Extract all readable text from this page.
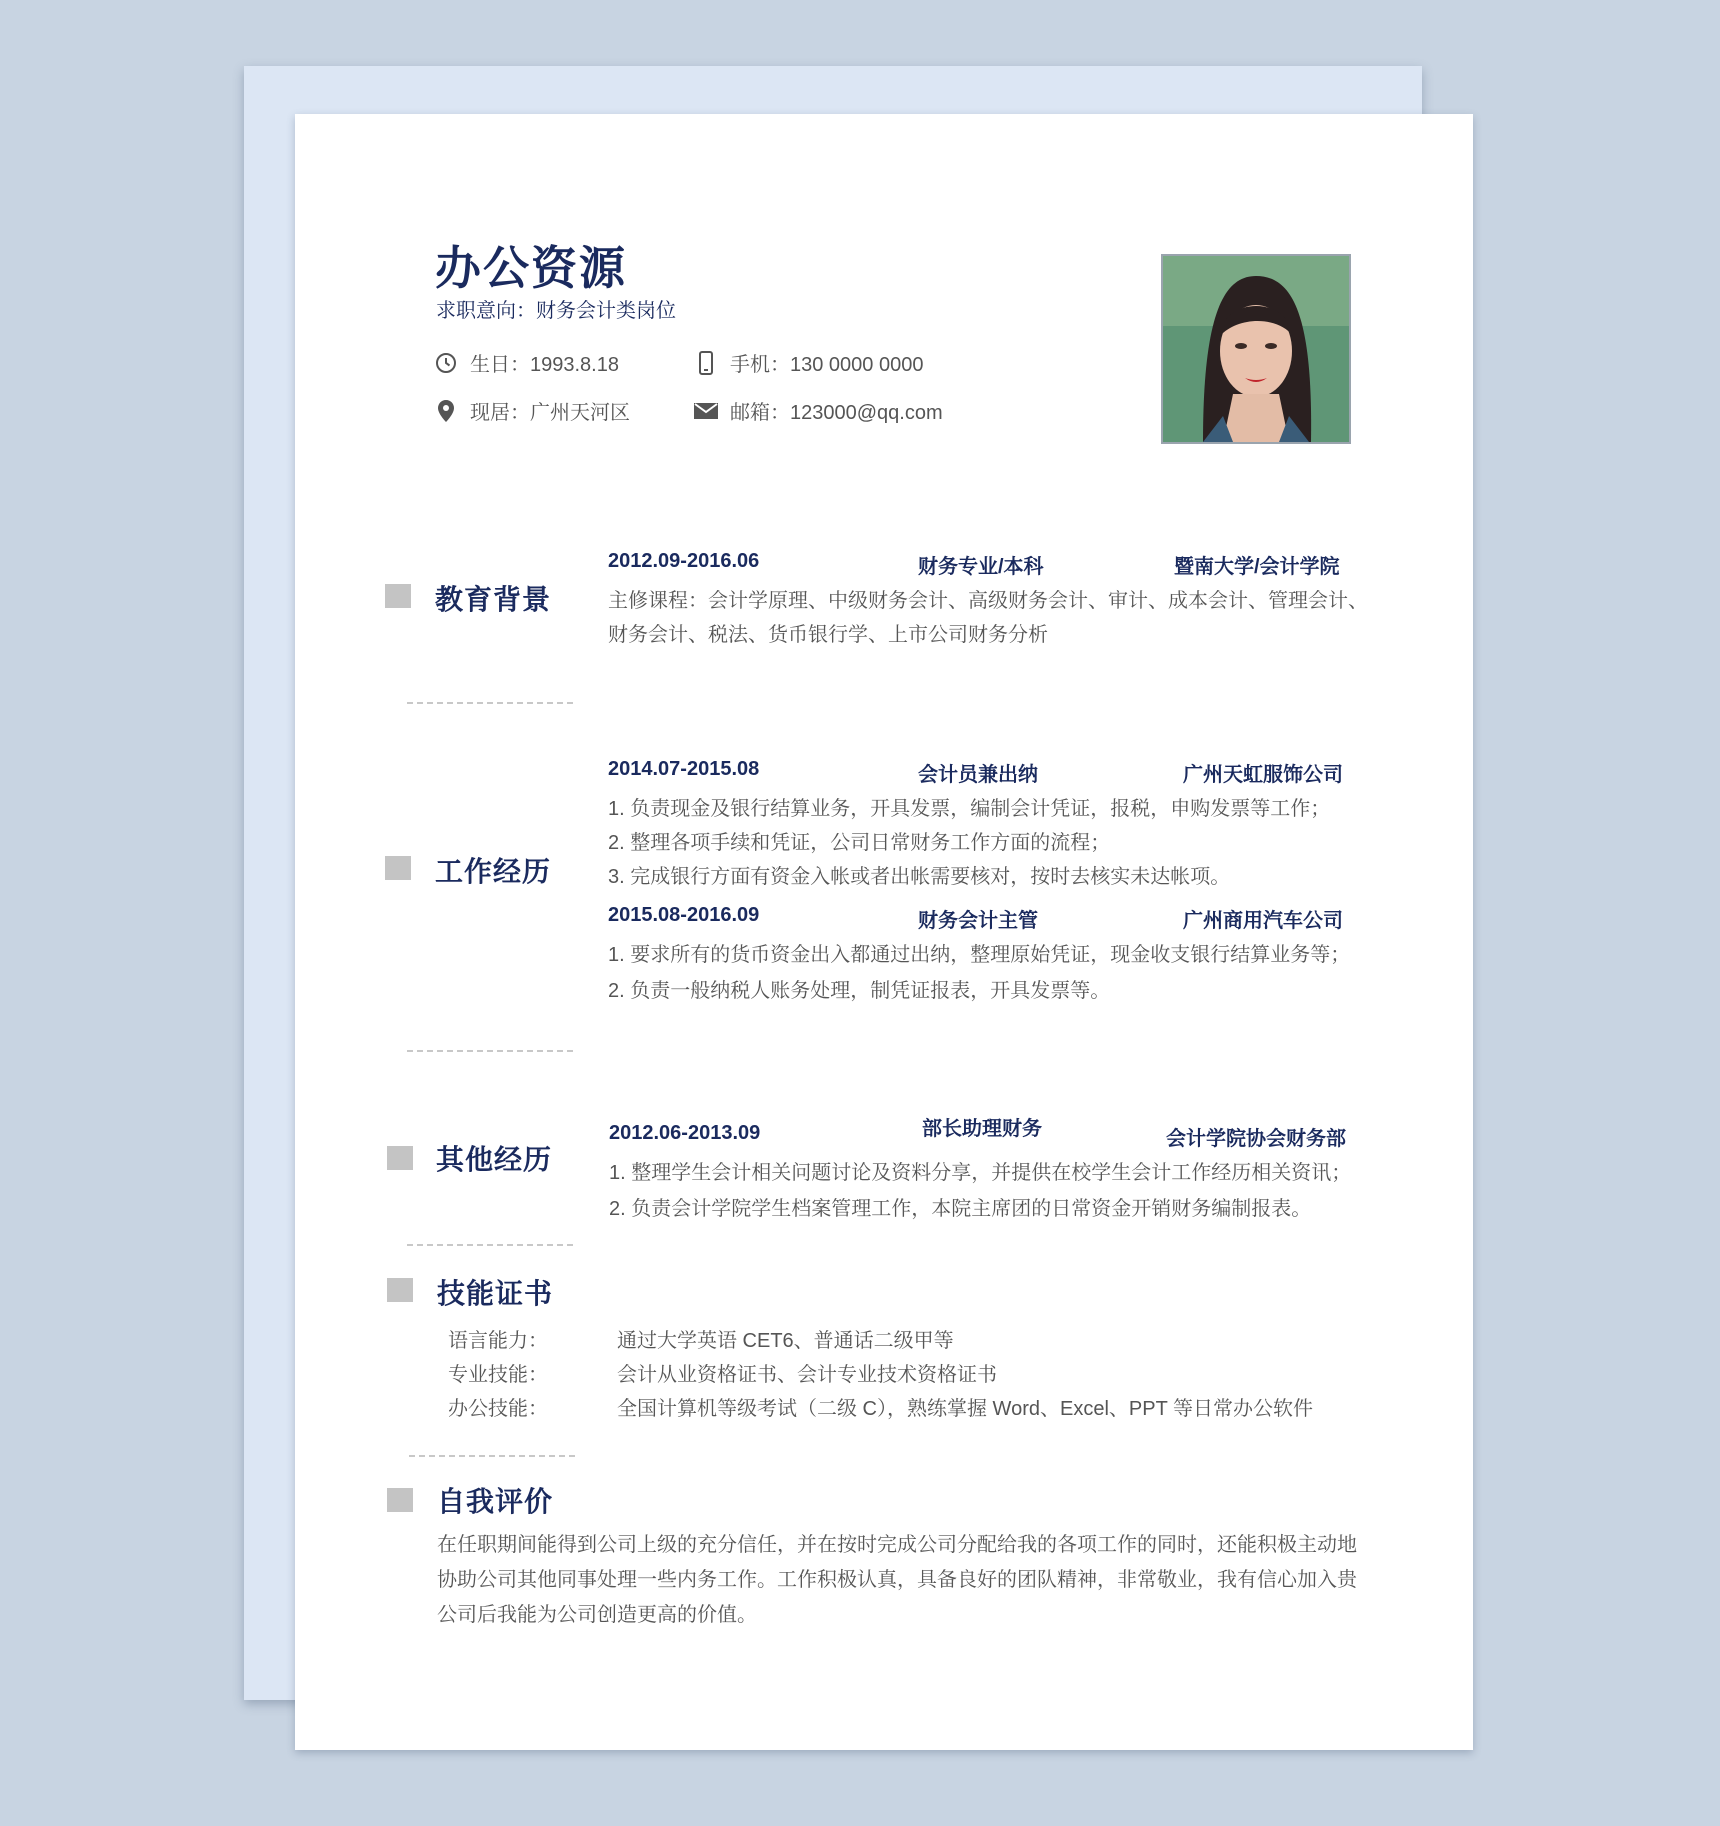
办公资源
求职意向：财务会计类岗位
生日：1993.8.18	手机：130 0000 0000
现居：广州天河区	邮箱：123000@qq.com
教育背景
2012.09-2016.06	财务专业/本科	暨南大学/会计学院
主修课程：会计学原理、中级财务会计、高级财务会计、审计、成本会计、管理会计、
财务会计、税法、货币银行学、上市公司财务分析
工作经历
2014.07-2015.08	会计员兼出纳	广州天虹服饰公司
1. 负责现金及银行结算业务，开具发票，编制会计凭证，报税，申购发票等工作；
2. 整理各项手续和凭证，公司日常财务工作方面的流程；
3. 完成银行方面有资金入帐或者出帐需要核对，按时去核实未达帐项。
2015.08-2016.09	财务会计主管	广州商用汽车公司
1. 要求所有的货币资金出入都通过出纳，整理原始凭证，现金收支银行结算业务等；
2. 负责一般纳税人账务处理，制凭证报表，开具发票等。
其他经历
2012.06-2013.09	部长助理财务	会计学院协会财务部
1. 整理学生会计相关问题讨论及资料分享，并提供在校学生会计工作经历相关资讯；
2. 负责会计学院学生档案管理工作，本院主席团的日常资金开销财务编制报表。
技能证书
语言能力：	通过大学英语 CET6、普通话二级甲等
专业技能：	会计从业资格证书、会计专业技术资格证书
办公技能：	全国计算机等级考试（二级 C），熟练掌握 Word、Excel、PPT 等日常办公软件
自我评价
在任职期间能得到公司上级的充分信任，并在按时完成公司分配给我的各项工作的同时，还能积极主动地协助公司其他同事处理一些内务工作。工作积极认真，具备良好的团队精神，非常敬业，我有信心加入贵公司后我能为公司创造更高的价值。
